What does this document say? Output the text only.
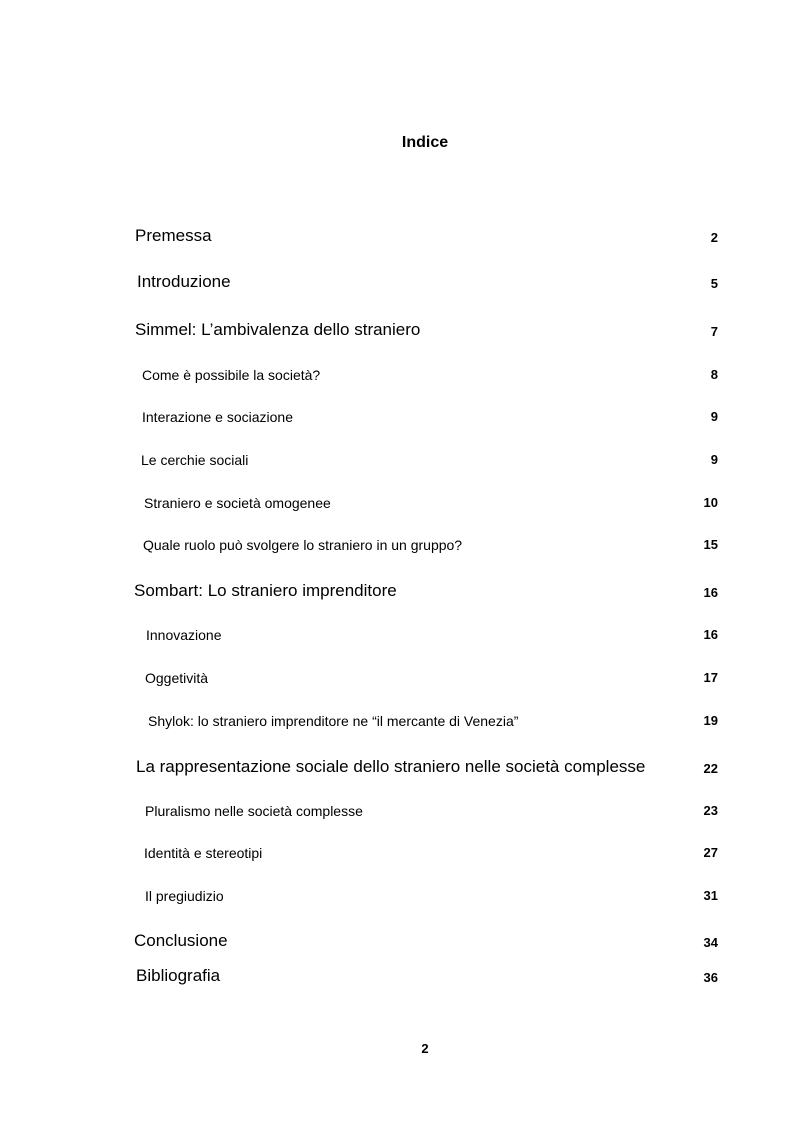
Indice
Premessa	2
Introduzione	5
Simmel: L’ambivalenza dello straniero	7
Come è possibile la società?	8
Interazione e sociazione	9
Le cerchie sociali	9
Straniero e società omogenee	10
Quale ruolo può svolgere lo straniero in un gruppo?	15
Sombart: Lo straniero imprenditore	16
Innovazione	16
Oggetività	17
Shylok: lo straniero imprenditore ne “il mercante di Venezia”	19
La rappresentazione sociale dello straniero nelle società complesse	22
Pluralismo nelle società complesse	23
Identità e stereotipi	27
Il pregiudizio	31
Conclusione	34
Bibliografia	36
2
